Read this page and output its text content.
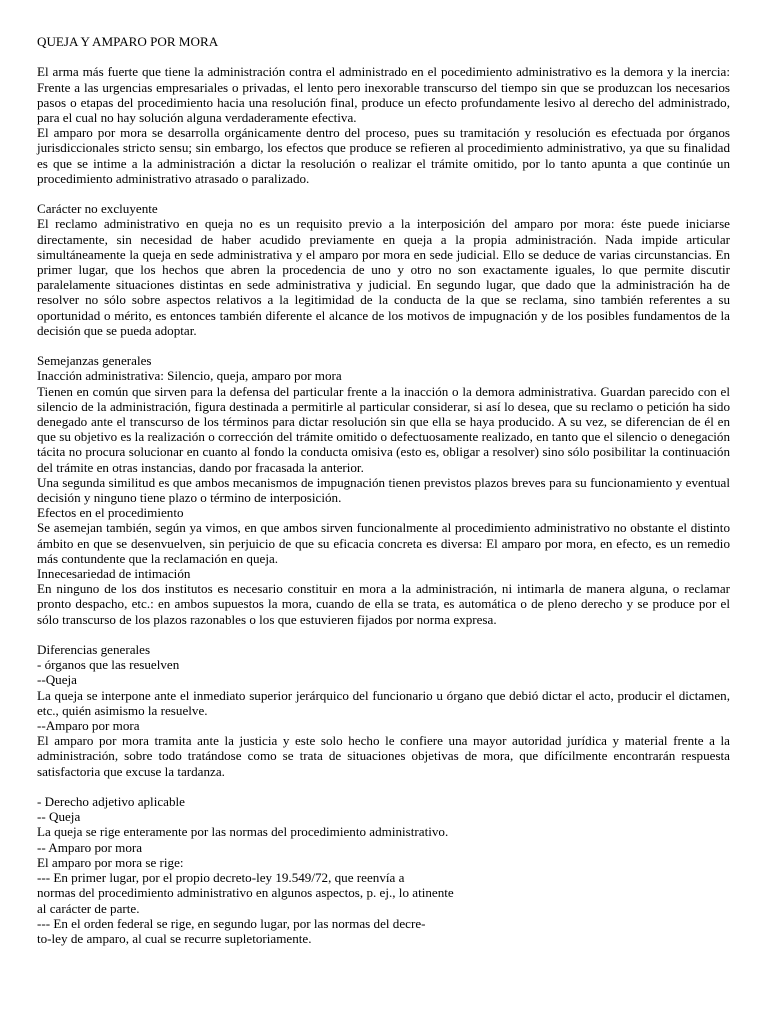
QUEJA Y AMPARO POR MORA

El arma más fuerte que tiene la administración contra el administrado en el pocedimiento administrativo es la demora y la inercia: Frente a las urgencias empresariales o privadas, el lento pero inexorable transcurso del tiempo sin que se produzcan los necesarios pasos o etapas del procedimiento hacia una resolución final, produce un efecto profundamente lesivo al derecho del administrado, para el cual no hay solución alguna verdaderamente efectiva.

El amparo por mora se desarrolla orgánicamente dentro del proceso, pues su tramitación y resolución es efectuada por órganos jurisdiccionales stricto sensu; sin embargo, los efectos que produce se refieren al procedimiento administrativo, ya que su finalidad es que se intime a la administración a dictar la resolución o realizar el trámite omitido, por lo tanto apunta a que continúe un procedimiento administrativo atrasado o paralizado.

Carácter no excluyente

El reclamo administrativo en queja no es un requisito previo a la interposición del amparo por mora: éste puede iniciarse directamente, sin necesidad de haber acudido previamente en queja a la propia administración. Nada impide articular simultáneamente la queja en sede administrativa y el amparo por mora en sede judicial. Ello se deduce de varias circunstancias. En primer lugar, que los hechos que abren la procedencia de uno y otro no son exactamente iguales, lo que permite discutir paralelamente situaciones distintas en sede administrativa y judicial. En segundo lugar, que dado que la administración ha de resolver no sólo sobre aspectos relativos a la legitimidad de la conducta de la que se reclama, sino también referentes a su oportunidad o mérito, es entonces también diferente el alcance de los motivos de impugnación y de los posibles fundamentos de la decisión que se pueda adoptar.

Semejanzas generales

Inacción administrativa: Silencio, queja, amparo por mora

Tienen en común que sirven para la defensa del particular frente a la inacción o la demora administrativa. Guardan parecido con el silencio de la administración, figura destinada a permitirle al particular considerar, si así lo desea, que su reclamo o petición ha sido denegado ante el transcurso de los términos para dictar resolución sin que ella se haya producido. A su vez, se diferencian de él en que su objetivo es la realización o corrección del trámite omitido o defectuosamente realizado, en tanto que el silencio o denegación tácita no procura solucionar en cuanto al fondo la conducta omisiva (esto es, obligar a resolver) sino sólo posibilitar la continuación del trámite en otras instancias, dando por fracasada la anterior.

Una segunda similitud es que ambos mecanismos de impugnación tienen previstos plazos breves para su funcionamiento y eventual decisión y ninguno tiene plazo o término de interposición.

Efectos en el procedimiento

Se asemejan también, según ya vimos, en que ambos sirven funcionalmente al procedimiento administrativo no obstante el distinto ámbito en que se desenvuelven, sin perjuicio de que su eficacia concreta es diversa: El amparo por mora, en efecto, es un remedio más contundente que la reclamación en queja.

Innecesariedad de intimación

En ninguno de los dos institutos es necesario constituir en mora a la administración, ni intimarla de manera alguna, o reclamar pronto despacho, etc.: en ambos supuestos la mora, cuando de ella se trata, es automática o de pleno derecho y se produce por el sólo transcurso de los plazos razonables o los que estuvieren fijados por norma expresa.

Diferencias generales

- órganos que las resuelven

--Queja

La queja se interpone ante el inmediato superior jerárquico del funcionario u órgano que debió dictar el acto, producir el dictamen, etc., quién asimismo la resuelve.

--Amparo por mora

El amparo por mora tramita ante la justicia y este solo hecho le confiere una mayor autoridad jurídica y material frente a la administración, sobre todo tratándose como se trata de situaciones objetivas de mora, que difícilmente encontrarán respuesta satisfactoria que excuse la tardanza.

- Derecho adjetivo aplicable

-- Queja

La queja se rige enteramente por las normas del procedimiento administrativo.

-- Amparo por mora

El amparo por mora se rige:

--- En primer lugar, por el propio decreto-ley 19.549/72, que reenvía a

normas del procedimiento administrativo en algunos aspectos, p. ej., lo atinente

al carácter de parte.

--- En el orden federal se rige, en segundo lugar, por las normas del decre-

to-ley de amparo, al cual se recurre supletoriamente.
